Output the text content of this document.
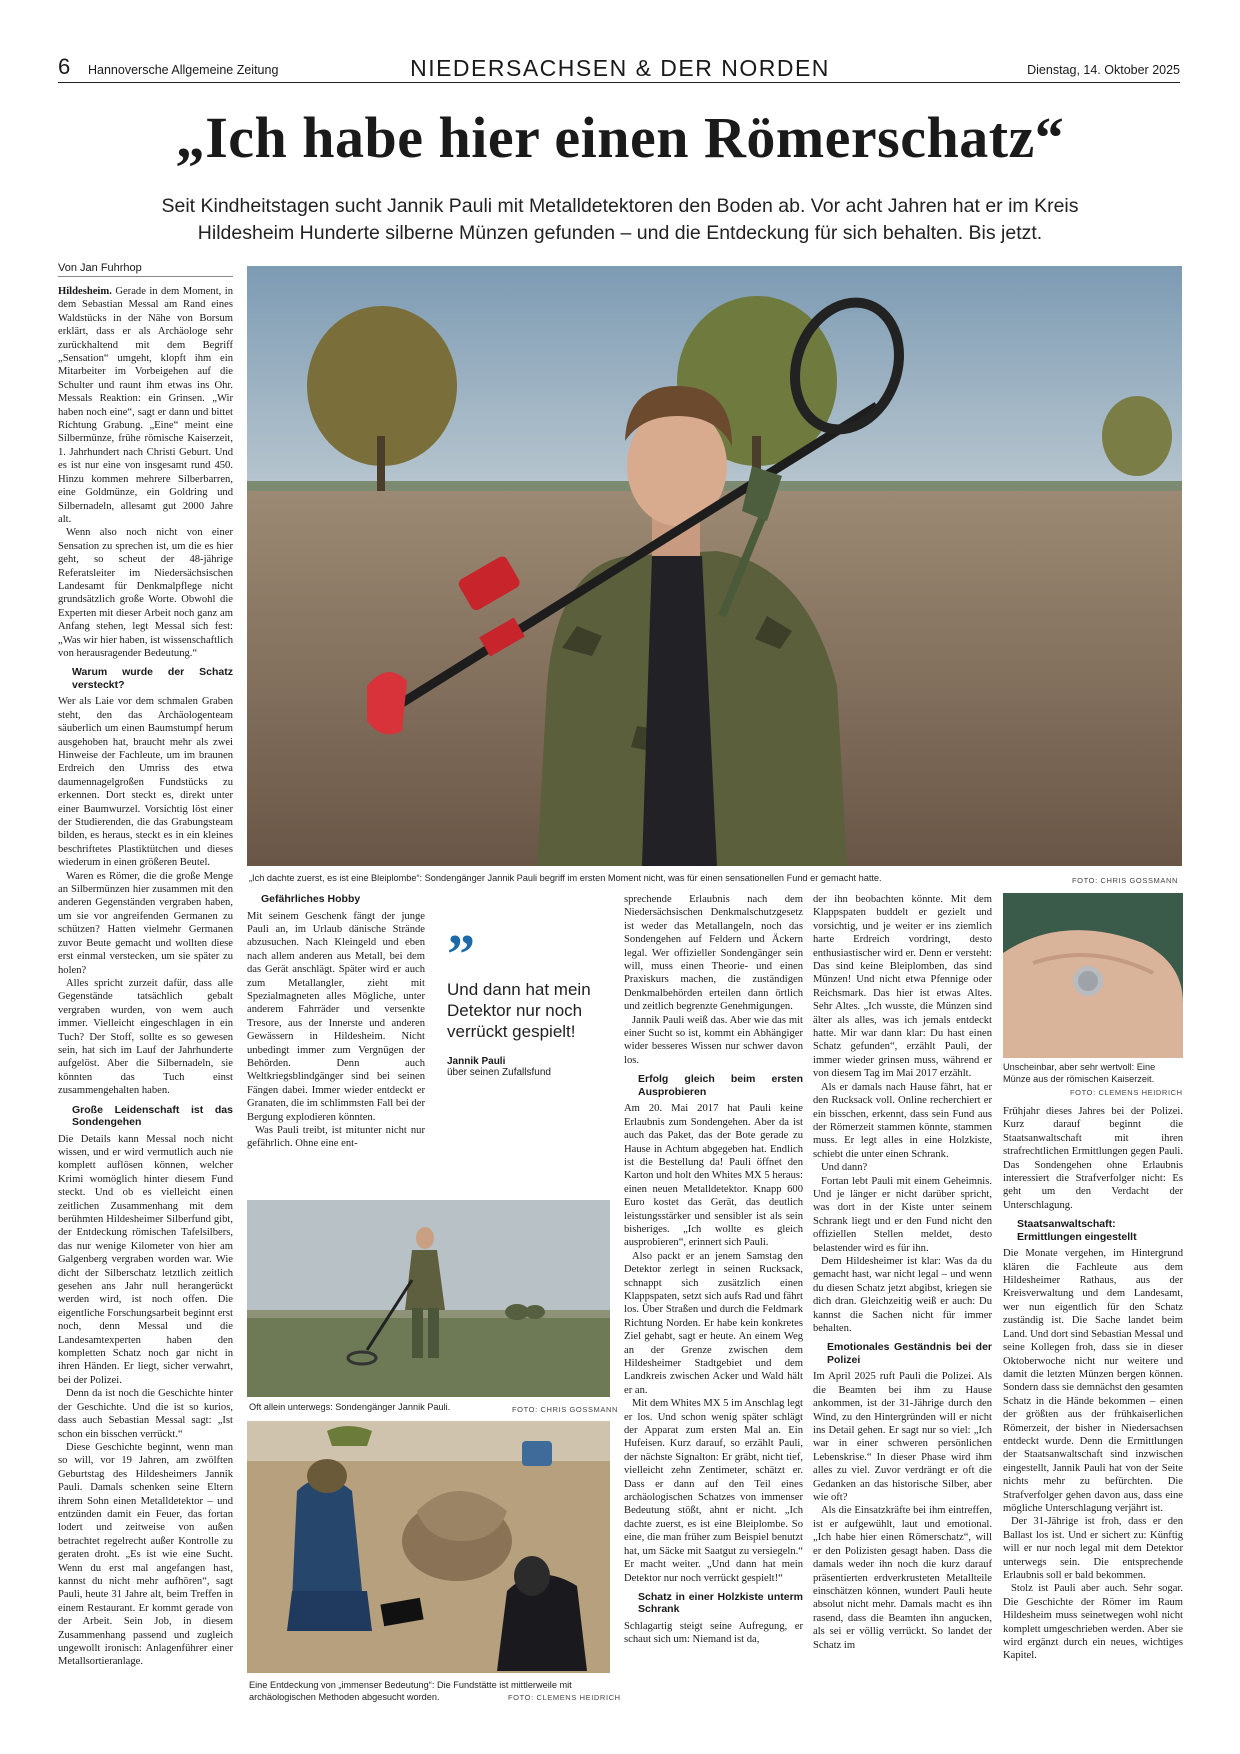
6 Hannoversche Allgemeine Zeitung	NIEDERSACHSEN & DER NORDEN	Dienstag, 14. Oktober 2025
„Ich habe hier einen Römerschatz“
Seit Kindheitstagen sucht Jannik Pauli mit Metalldetektoren den Boden ab. Vor acht Jahren hat er im Kreis Hildesheim Hunderte silberne Münzen gefunden – und die Entdeckung für sich behalten. Bis jetzt.
Von Jan Fuhrhop

Hildesheim. Gerade in dem Moment, in dem Sebastian Messal am Rand eines Waldstücks in der Nähe von Borsum erklärt, dass er als Archäologe sehr zurückhaltend mit dem Begriff „Sensation“ umgeht, klopft ihm ein Mitarbeiter im Vorbeigehen auf die Schulter und raunt ihm etwas ins Ohr. Messals Reaktion: ein Grinsen. „Wir haben noch eine“, sagt er dann und bittet Richtung Grabung. „Eine“ meint eine Silbermünze, frühe römische Kaiserzeit, 1. Jahrhundert nach Christi Geburt. Und es ist nur eine von insgesamt rund 450. Hinzu kommen mehrere Silberbarren, eine Goldmünze, ein Goldring und Silbernadeln, allesamt gut 2000 Jahre alt.

Wenn also noch nicht von einer Sensation zu sprechen ist, um die es hier geht, so scheut der 48-jährige Referatsleiter im Niedersächsischen Landesamt für Denkmalpflege nicht grundsätzlich große Worte. Obwohl die Experten mit dieser Arbeit noch ganz am Anfang stehen, legt Messal sich fest: „Was wir hier haben, ist wissenschaftlich von herausragender Bedeutung.“

Warum wurde der Schatz versteckt?

Wer als Laie vor dem schmalen Graben steht, den das Archäologenteam säuberlich um einen Baumstumpf herum ausgehoben hat, braucht mehr als zwei Hinweise der Fachleute, um im braunen Erdreich den Umriss des etwa daumennagelgroßen Fundstücks zu erkennen. Dort steckt es, direkt unter einer Baumwurzel. Vorsichtig löst einer der Studierenden, die das Grabungsteam bilden, es heraus, steckt es in ein kleines beschriftetes Plastiktütchen und dieses wiederum in einen größeren Beutel.

Waren es Römer, die die große Menge an Silbermünzen hier zusammen mit den anderen Gegenständen vergraben haben, um sie vor angreifenden Germanen zu schützen? Hatten vielmehr Germanen zuvor Beute gemacht und wollten diese erst einmal verstecken, um sie später zu holen?

Alles spricht zurzeit dafür, dass alle Gegenstände tatsächlich gebalt vergraben wurden, von wem auch immer. Vielleicht eingeschlagen in ein Tuch? Der Stoff, sollte es so gewesen sein, hat sich im Lauf der Jahrhunderte aufgelöst. Aber die Silbernadeln, sie könnten das Tuch einst zusammengehalten haben.

Große Leidenschaft ist das Sondengehen

Die Details kann Messal noch nicht wissen, und er wird vermutlich auch nie komplett auflösen können, welcher Krimi womöglich hinter diesem Fund steckt. Und ob es vielleicht einen zeitlichen Zusammenhang mit dem berühmten Hildesheimer Silberfund gibt, der Entdeckung römischen Tafelsilbers, das nur wenige Kilometer von hier am Galgenberg vergraben worden war. Wie dicht der Silberschatz letztlich zeitlich gesehen ans Jahr null herangerückt werden wird, ist noch offen. Die eigentliche Forschungsarbeit beginnt erst noch, denn Messal und die Landesamtexperten haben den kompletten Schatz noch gar nicht in ihren Händen. Er liegt, sicher verwahrt, bei der Polizei.

Denn da ist noch die Geschichte hinter der Geschichte. Und die ist so kurios, dass auch Sebastian Messal sagt: „Ist schon ein bisschen verrückt.“

Diese Geschichte beginnt, wenn man so will, vor 19 Jahren, am zwölften Geburtstag des Hildesheimers Jannik Pauli. Damals schenken seine Eltern ihrem Sohn einen Metalldetektor – und entzünden damit ein Feuer, das fortan lodert und zeitweise von außen betrachtet regelrecht außer Kontrolle zu geraten droht. „Es ist wie eine Sucht. Wenn du erst mal angefangen hast, kannst du nicht mehr aufhören“, sagt Pauli, heute 31 Jahre alt, beim Treffen in einem Restaurant. Er kommt gerade von der Arbeit. Sein Job, in diesem Zusammenhang passend und zugleich ungewollt ironisch: Anlagenführer einer Metallsortieranlage.

„Ich dachte zuerst, es ist eine Bleiplombe“: Sondengänger Jannik Pauli begriff im ersten Moment nicht, was für einen sensationellen Fund er gemacht hatte.	FOTO: CHRIS GOSSMANN
Gefährliches Hobby

Mit seinem Geschenk fängt der junge Pauli an, im Urlaub dänische Strände abzusuchen. Nach Kleingeld und eben nach allem anderen aus Metall, bei dem das Gerät anschlägt. Später wird er auch zum Metallangler, zieht mit Spezialmagneten alles Mögliche, unter anderem Fahrräder und versenkte Tresore, aus der Innerste und anderen Gewässern in Hildesheim. Nicht unbedingt immer zum Vergnügen der Behörden. Denn auch Weltkriegsblindgänger sind bei seinen Fängen dabei. Immer wieder entdeckt er Granaten, die im schlimmsten Fall bei der Bergung explodieren könnten.

Was Pauli treibt, ist mitunter nicht nur gefährlich. Ohne eine ent-

”
Und dann hat mein Detektor nur noch verrückt gespielt!
Jannik Pauli
über seinen Zufallsfund
Oft allein unterwegs: Sondengänger Jannik Pauli.	FOTO: CHRIS GOSSMANN
Eine Entdeckung von „immenser Bedeutung“: Die Fundstätte ist mittlerweile mit archäologischen Methoden abgesucht worden.	FOTO: CLEMENS HEIDRICH

sprechende Erlaubnis nach dem Niedersächsischen Denkmalschutzgesetz ist weder das Metallangeln, noch das Sondengehen auf Feldern und Äckern legal. Wer offizieller Sondengänger sein will, muss einen Theorie- und einen Praxiskurs machen, die zuständigen Denkmalbehörden erteilen dann örtlich und zeitlich begrenzte Genehmigungen.

Jannik Pauli weiß das. Aber wie das mit einer Sucht so ist, kommt ein Abhängiger wider besseres Wissen nur schwer davon los.

Erfolg gleich beim ersten Ausprobieren

Am 20. Mai 2017 hat Pauli keine Erlaubnis zum Sondengehen. Aber da ist auch das Paket, das der Bote gerade zu Hause in Achtum abgegeben hat. Endlich ist die Bestellung da! Pauli öffnet den Karton und holt den Whites MX 5 heraus: einen neuen Metalldetektor. Knapp 600 Euro kostet das Gerät, das deutlich leistungsstärker und sensibler ist als sein bisheriges. „Ich wollte es gleich ausprobieren“, erinnert sich Pauli.

Also packt er an jenem Samstag den Detektor zerlegt in seinen Rucksack, schnappt sich zusätzlich einen Klappspaten, setzt sich aufs Rad und fährt los. Über Straßen und durch die Feldmark Richtung Norden. Er habe kein konkretes Ziel gehabt, sagt er heute. An einem Weg an der Grenze zwischen dem Hildesheimer Stadtgebiet und dem Landkreis zwischen Acker und Wald hält er an.

Mit dem Whites MX 5 im Anschlag legt er los. Und schon wenig später schlägt der Apparat zum ersten Mal an. Ein Hufeisen. Kurz darauf, so erzählt Pauli, der nächste Signalton: Er gräbt, nicht tief, vielleicht zehn Zentimeter, schätzt er. Dass er dann auf den Teil eines archäologischen Schatzes von immenser Bedeutung stößt, ahnt er nicht. „Ich dachte zuerst, es ist eine Bleiplombe. So eine, die man früher zum Beispiel benutzt hat, um Säcke mit Saatgut zu versiegeln.“ Er macht weiter. „Und dann hat mein Detektor nur noch verrückt gespielt!“

Schatz in einer Holzkiste unterm Schrank

Schlagartig steigt seine Aufregung, er schaut sich um: Niemand ist da,

der ihn beobachten könnte. Mit dem Klappspaten buddelt er gezielt und vorsichtig, und je weiter er ins ziemlich harte Erdreich vordringt, desto enthusiastischer wird er. Denn er versteht: Das sind keine Bleiplomben, das sind Münzen! Und nicht etwa Pfennige oder Reichsmark. Das hier ist etwas Altes. Sehr Altes. „Ich wusste, die Münzen sind älter als alles, was ich jemals entdeckt hatte. Mir war dann klar: Du hast einen Schatz gefunden“, erzählt Pauli, der immer wieder grinsen muss, während er von diesem Tag im Mai 2017 erzählt.

Als er damals nach Hause fährt, hat er den Rucksack voll. Online recherchiert er ein bisschen, erkennt, dass sein Fund aus der Römerzeit stammen könnte, stammen muss. Er legt alles in eine Holzkiste, schiebt die unter einen Schrank.

Und dann?

Fortan lebt Pauli mit einem Geheimnis. Und je länger er nicht darüber spricht, was dort in der Kiste unter seinem Schrank liegt und er den Fund nicht den offiziellen Stellen meldet, desto belastender wird es für ihn.

Dem Hildesheimer ist klar: Was da du gemacht hast, war nicht legal – und wenn du diesen Schatz jetzt abgibst, kriegen sie dich dran. Gleichzeitig weiß er auch: Du kannst die Sachen nicht für immer behalten.

Emotionales Geständnis bei der Polizei

Im April 2025 ruft Pauli die Polizei. Als die Beamten bei ihm zu Hause ankommen, ist der 31-Jährige durch den Wind, zu den Hintergründen will er nicht ins Detail gehen. Er sagt nur so viel: „Ich war in einer schweren persönlichen Lebenskrise.“ In dieser Phase wird ihm alles zu viel. Zuvor verdrängt er oft die Gedanken an das historische Silber, aber wie oft?

Als die Einsatzkräfte bei ihm eintreffen, ist er aufgewühlt, laut und emotional. „Ich habe hier einen Römerschatz“, will er den Polizisten gesagt haben. Dass die damals weder ihn noch die kurz darauf präsentierten erdverkrusteten Metallteile einschätzen können, wundert Pauli heute absolut nicht mehr. Damals macht es ihn rasend, dass die Beamten ihn angucken, als sei er völlig verrückt. So landet der Schatz im

Unscheinbar, aber sehr wertvoll: Eine Münze aus der römischen Kaiserzeit.
FOTO: CLEMENS HEIDRICH

Frühjahr dieses Jahres bei der Polizei. Kurz darauf beginnt die Staatsanwaltschaft mit ihren strafrechtlichen Ermittlungen gegen Pauli. Das Sondengehen ohne Erlaubnis interessiert die Strafverfolger nicht: Es geht um den Verdacht der Unterschlagung.

Staatsanwaltschaft: Ermittlungen eingestellt

Die Monate vergehen, im Hintergrund klären die Fachleute aus dem Hildesheimer Rathaus, aus der Kreisverwaltung und dem Landesamt, wer nun eigentlich für den Schatz zuständig ist. Die Sache landet beim Land. Und dort sind Sebastian Messal und seine Kollegen froh, dass sie in dieser Oktoberwoche nicht nur weitere und damit die letzten Münzen bergen können. Sondern dass sie demnächst den gesamten Schatz in die Hände bekommen – einen der größten aus der frühkaiserlichen Römerzeit, der bisher in Niedersachsen entdeckt wurde. Denn die Ermittlungen der Staatsanwaltschaft sind inzwischen eingestellt, Jannik Pauli hat von der Seite nichts mehr zu befürchten. Die Strafverfolger gehen davon aus, dass eine mögliche Unterschlagung verjährt ist.

Der 31-Jährige ist froh, dass er den Ballast los ist. Und er sichert zu: Künftig will er nur noch legal mit dem Detektor unterwegs sein. Die entsprechende Erlaubnis soll er bald bekommen.

Stolz ist Pauli aber auch. Sehr sogar. Die Geschichte der Römer im Raum Hildesheim muss seinetwegen wohl nicht komplett umgeschrieben werden. Aber sie wird ergänzt durch ein neues, wichtiges Kapitel.
